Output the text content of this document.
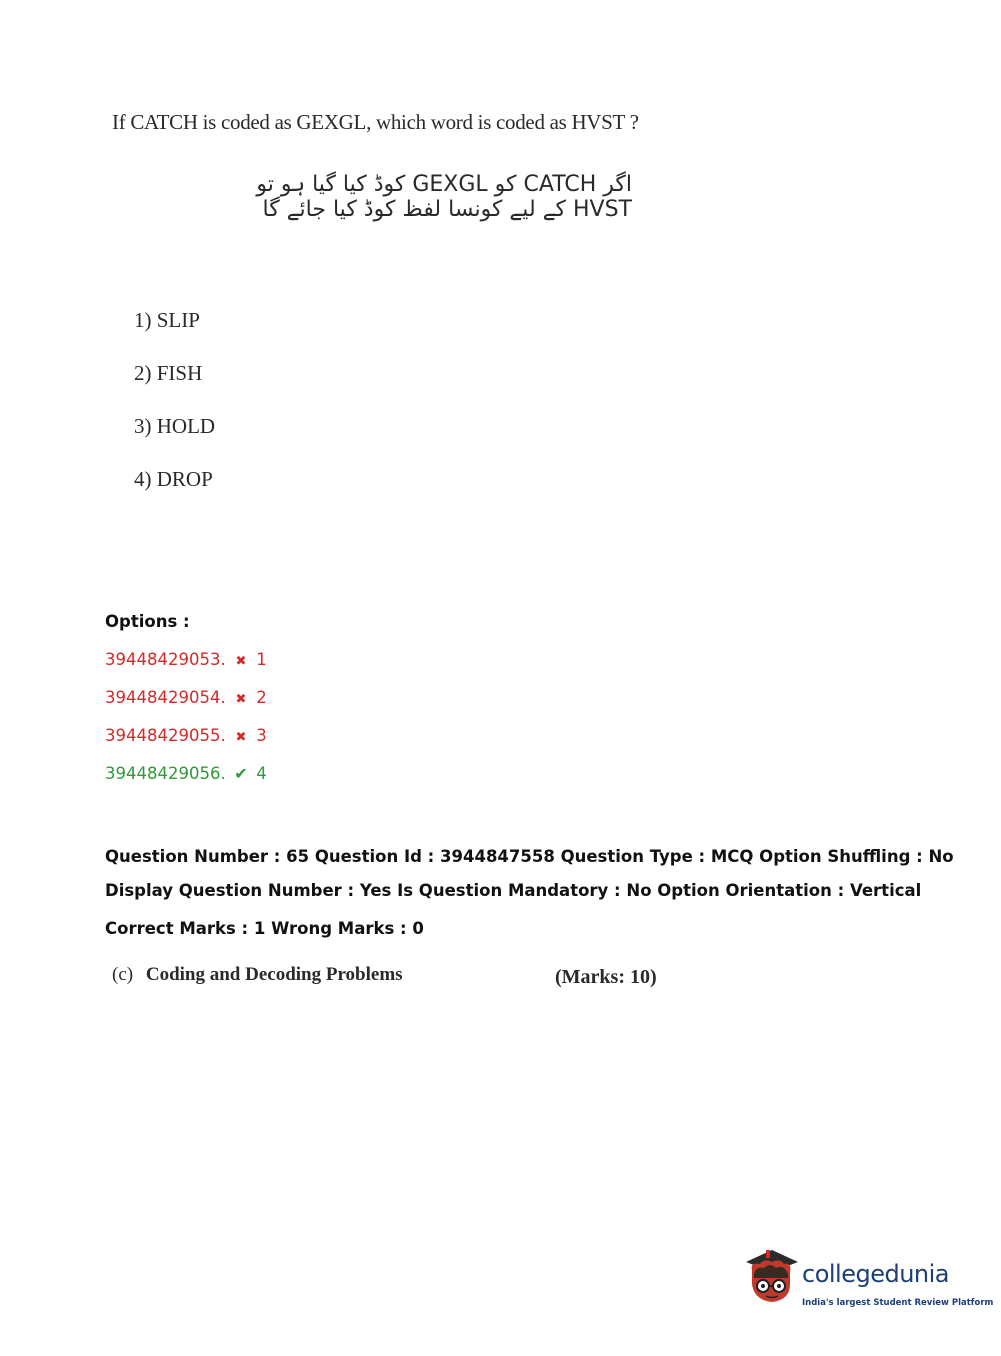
If CATCH is coded as GEXGL, which word is coded as HVST ?
اگر CATCH کو GEXGL کوڈ کیا گیا ہو تو HVST کے لیے کونسا لفظ کوڈ کیا جائے گا
1) SLIP
2) FISH
3) HOLD
4) DROP
Options :
39448429053. ✖ 1
39448429054. ✖ 2
39448429055. ✖ 3
39448429056. ✔ 4
Question Number : 65 Question Id : 3944847558 Question Type : MCQ Option Shuffling : No
Display Question Number : Yes Is Question Mandatory : No Option Orientation : Vertical
Correct Marks : 1 Wrong Marks : 0
(c) Coding and Decoding Problems	(Marks: 10)
collegedunia
India's largest Student Review Platform
